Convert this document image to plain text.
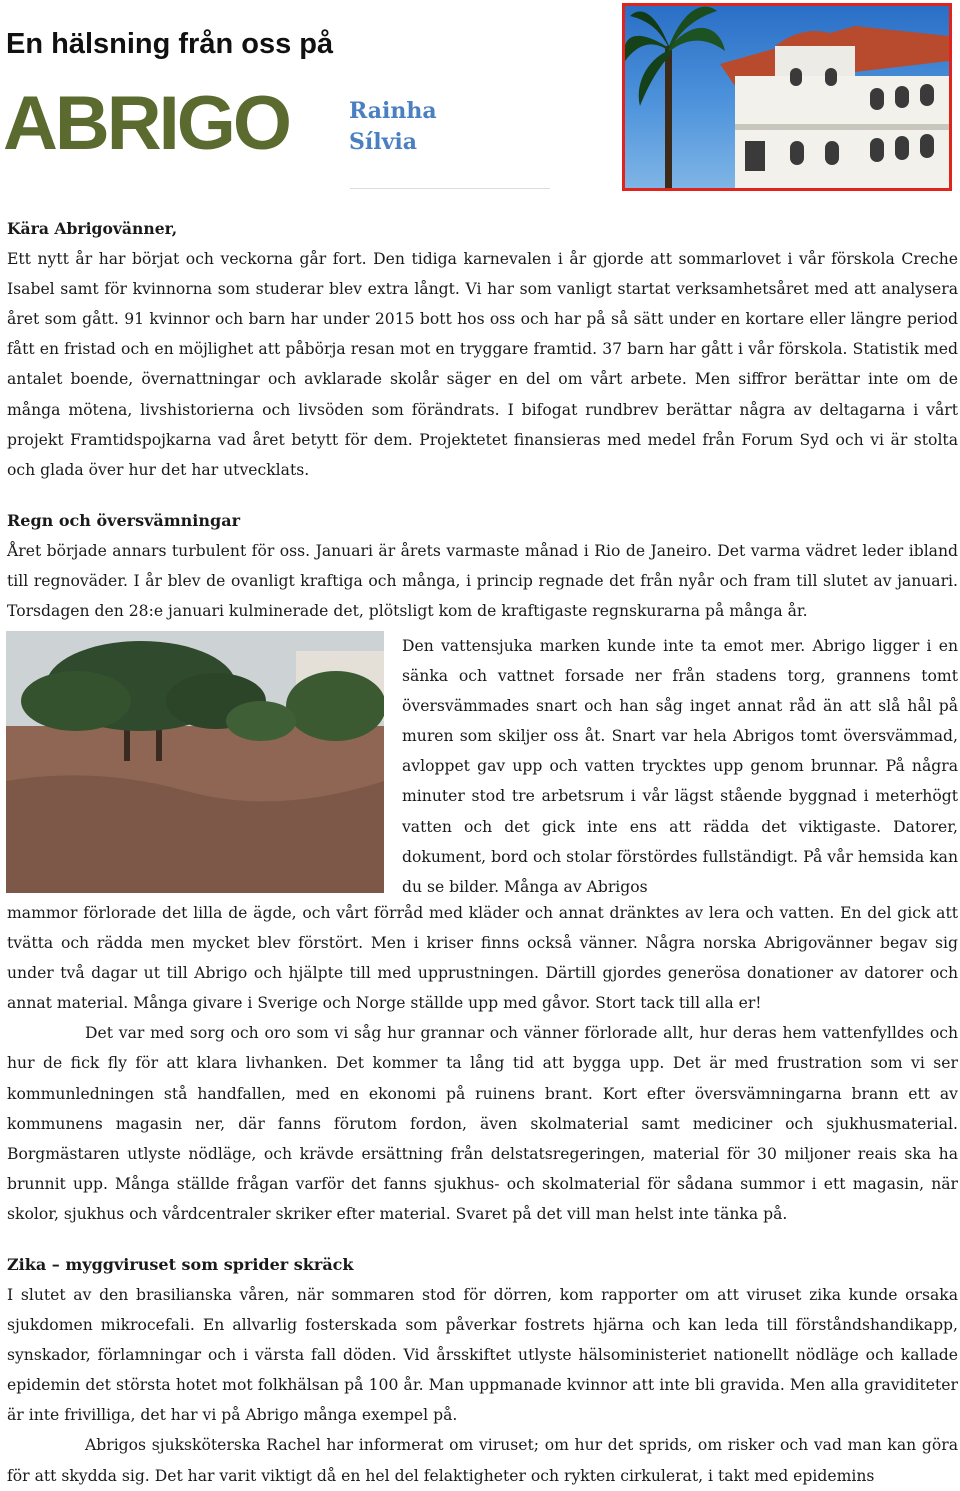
En hälsning från oss på
ABRIGO	Rainha
Sílvia

Kära Abrigovänner,

Ett nytt år har börjat och veckorna går fort. Den tidiga karnevalen i år gjorde att sommarlovet i vår förskola Creche Isabel samt för kvinnorna som studerar blev extra långt. Vi har som vanligt startat verksamhetsåret med att analysera året som gått. 91 kvinnor och barn har under 2015 bott hos oss och har på så sätt under en kortare eller längre period fått en fristad och en möjlighet att påbörja resan mot en tryggare framtid. 37 barn har gått i vår förskola. Statistik med antalet boende, övernattningar och avklarade skolår säger en del om vårt arbete. Men siffror berättar inte om de många mötena, livshistorierna och livsöden som förändrats. I bifogat rundbrev berättar några av deltagarna i vårt projekt Framtidspojkarna vad året betytt för dem. Projektetet finansieras med medel från Forum Syd och vi är stolta och glada över hur det har utvecklats.

Regn och översvämningar

Året började annars turbulent för oss. Januari är årets varmaste månad i Rio de Janeiro. Det varma vädret leder ibland till regnoväder. I år blev de ovanligt kraftiga och många, i princip regnade det från nyår och fram till slutet av januari. Torsdagen den 28:e januari kulminerade det, plötsligt kom de kraftigaste regnskurarna på många år.

Den vattensjuka marken kunde inte ta emot mer. Abrigo ligger i en sänka och vattnet forsade ner från stadens torg, grannens tomt översvämmades snart och han såg inget annat råd än att slå hål på muren som skiljer oss åt. Snart var hela Abrigos tomt översvämmad, avloppet gav upp och vatten trycktes upp genom brunnar. På några minuter stod tre arbetsrum i vår lägst stående byggnad i meterhögt vatten och det gick inte ens att rädda det viktigaste. Datorer, dokument, bord och stolar förstördes fullständigt. På vår hemsida kan du se bilder. Många av Abrigos

mammor förlorade det lilla de ägde, och vårt förråd med kläder och annat dränktes av lera och vatten. En del gick att tvätta och rädda men mycket blev förstört. Men i kriser finns också vänner. Några norska Abrigovänner begav sig under två dagar ut till Abrigo och hjälpte till med upprustningen. Därtill gjordes generösa donationer av datorer och annat material. Många givare i Sverige och Norge ställde upp med gåvor. Stort tack till alla er!

Det var med sorg och oro som vi såg hur grannar och vänner förlorade allt, hur deras hem vattenfylldes och hur de fick fly för att klara livhanken. Det kommer ta lång tid att bygga upp. Det är med frustration som vi ser kommunledningen stå handfallen, med en ekonomi på ruinens brant. Kort efter översvämningarna brann ett av kommunens magasin ner, där fanns förutom fordon, även skolmaterial samt mediciner och sjukhusmaterial. Borgmästaren utlyste nödläge, och krävde ersättning från delstatsregeringen, material för 30 miljoner reais ska ha brunnit upp. Många ställde frågan varför det fanns sjukhus- och skolmaterial för sådana summor i ett magasin, när skolor, sjukhus och vårdcentraler skriker efter material. Svaret på det vill man helst inte tänka på.

Zika – myggviruset som sprider skräck

I slutet av den brasilianska våren, när sommaren stod för dörren, kom rapporter om att viruset zika kunde orsaka sjukdomen mikrocefali. En allvarlig fosterskada som påverkar fostrets hjärna och kan leda till förståndshandikapp, synskador, förlamningar och i värsta fall döden. Vid årsskiftet utlyste hälsoministeriet nationellt nödläge och kallade epidemin det största hotet mot folkhälsan på 100 år. Man uppmanade kvinnor att inte bli gravida. Men alla graviditeter är inte frivilliga, det har vi på Abrigo många exempel på.

Abrigos sjuksköterska Rachel har informerat om viruset; om hur det sprids, om risker och vad man kan göra för att skydda sig. Det har varit viktigt då en hel del felaktigheter och rykten cirkulerat, i takt med epidemins
